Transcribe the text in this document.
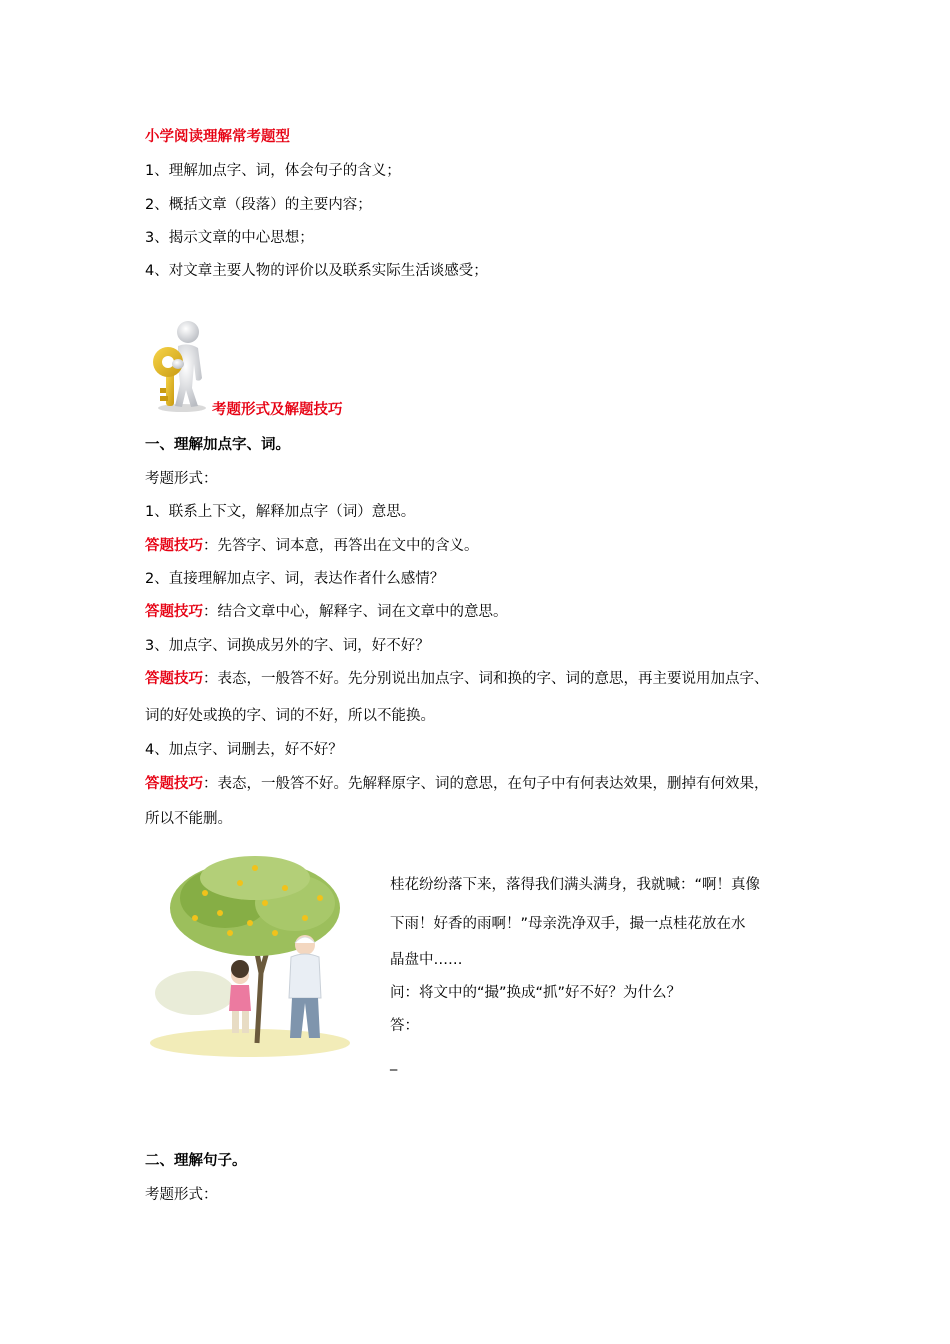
小学阅读理解常考题型
1、理解加点字、词，体会句子的含义；
2、概括文章（段落）的主要内容；
3、揭示文章的中心思想；
4、对文章主要人物的评价以及联系实际生活谈感受；
考题形式及解题技巧
一、理解加点字、词。
考题形式：
1、联系上下文，解释加点字（词）意思。
答题技巧：先答字、词本意，再答出在文中的含义。
2、直接理解加点字、词，表达作者什么感情？
答题技巧：结合文章中心，解释字、词在文章中的意思。
3、加点字、词换成另外的字、词，好不好？
答题技巧：表态，一般答不好。先分别说出加点字、词和换的字、词的意思，再主要说用加点字、
词的好处或换的字、词的不好，所以不能换。
4、加点字、词删去，好不好？
答题技巧：表态，一般答不好。先解释原字、词的意思，在句子中有何表达效果，删掉有何效果，
所以不能删。
桂花纷纷落下来，落得我们满头满身，我就喊：“啊！真像
下雨！好香的雨啊！”母亲洗净双手，撮一点桂花放在水
晶盘中……
问：将文中的“撮”换成“抓”好不好？为什么？
答：
_
二、理解句子。
考题形式：
